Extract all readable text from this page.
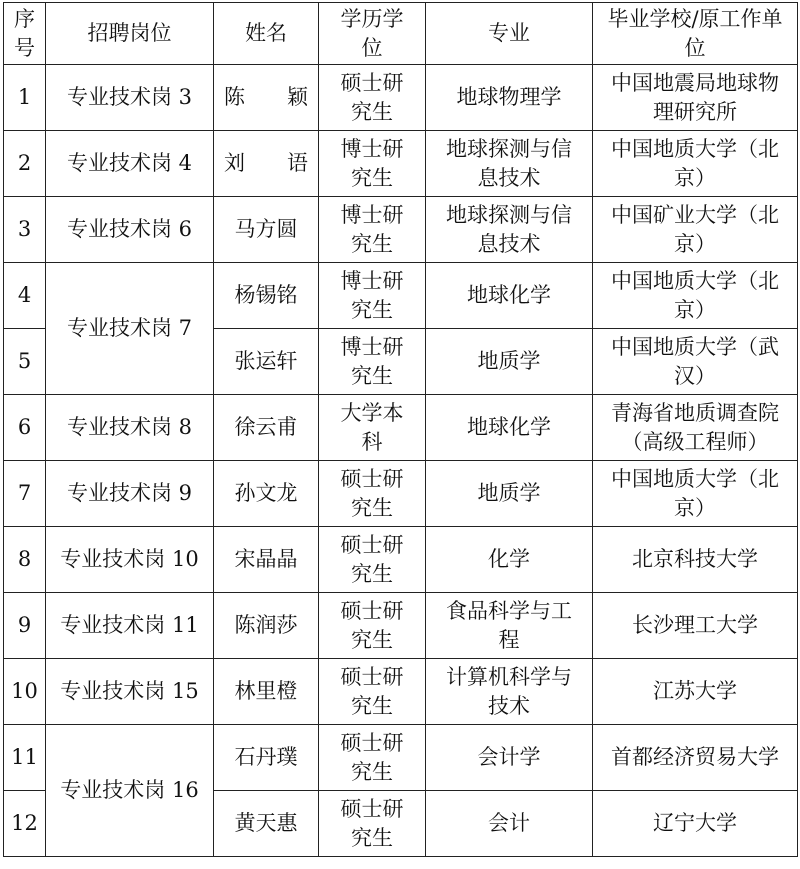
序号	招聘岗位	姓名	学历学位	专业	毕业学校/原工作单位
1	专业技术岗 3	陈　　颖	硕士研究生	地球物理学	中国地震局地球物理研究所
2	专业技术岗 4	刘　　语	博士研究生	地球探测与信息技术	中国地质大学（北京）
3	专业技术岗 6	马方圆	博士研究生	地球探测与信息技术	中国矿业大学（北京）
4	专业技术岗 7	杨锡铭	博士研究生	地球化学	中国地质大学（北京）
5		张运轩	博士研究生	地质学	中国地质大学（武汉）
6	专业技术岗 8	徐云甫	大学本科	地球化学	青海省地质调查院（高级工程师）
7	专业技术岗 9	孙文龙	硕士研究生	地质学	中国地质大学（北京）
8	专业技术岗 10	宋晶晶	硕士研究生	化学	北京科技大学
9	专业技术岗 11	陈润莎	硕士研究生	食品科学与工程	长沙理工大学
10	专业技术岗 15	林里橙	硕士研究生	计算机科学与技术	江苏大学
11	专业技术岗 16	石丹璞	硕士研究生	会计学	首都经济贸易大学
12		黄天惠	硕士研究生	会计	辽宁大学
